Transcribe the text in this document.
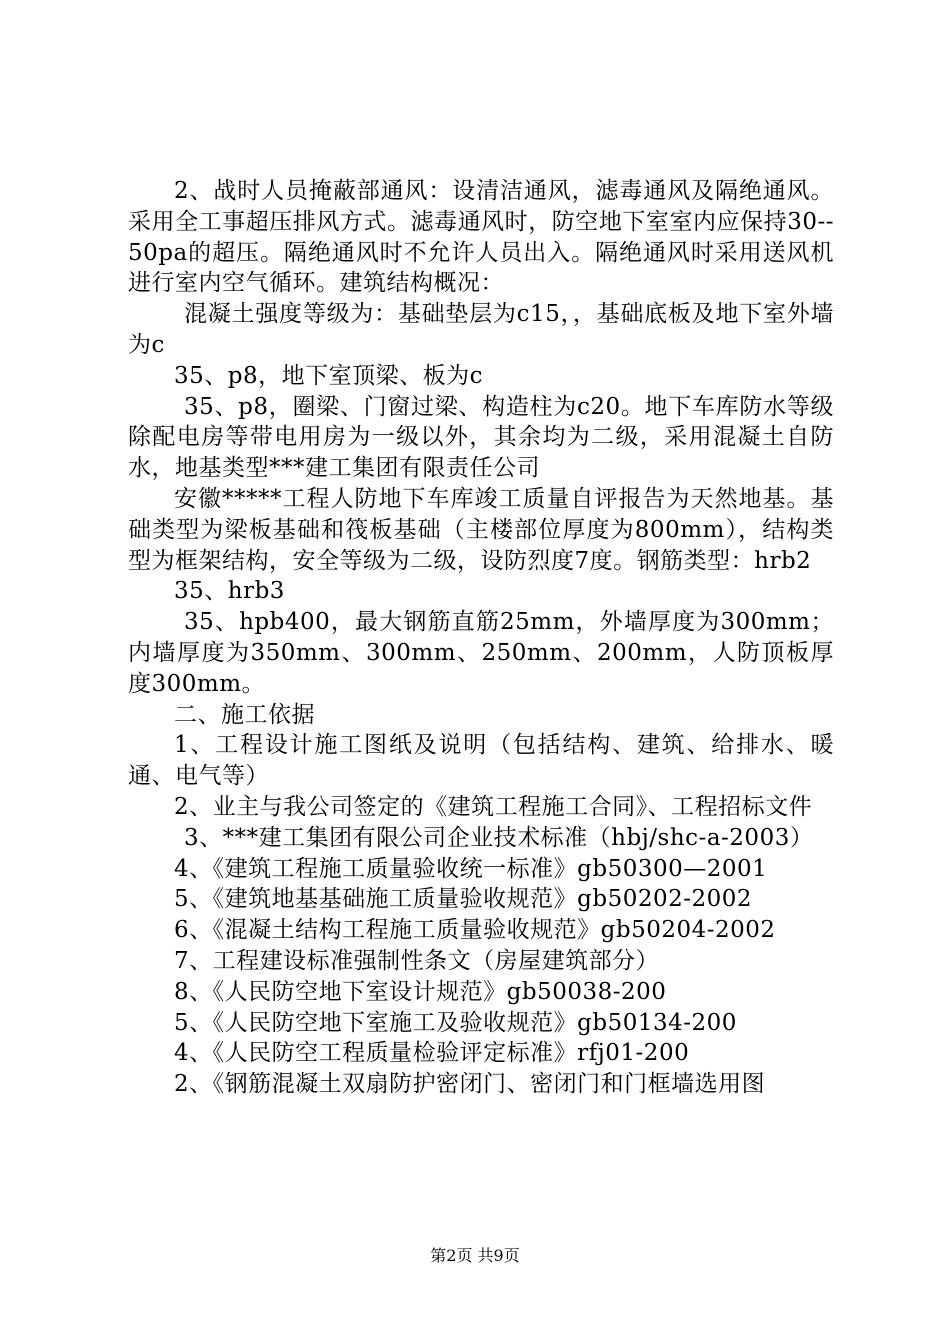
2、战时人员掩蔽部通风：设清洁通风，滤毒通风及隔绝通风。采用全工事超压排风方式。滤毒通风时，防空地下室室内应保持30--50pa的超压。隔绝通风时不允许人员出入。隔绝通风时采用送风机进行室内空气循环。建筑结构概况：

混凝土强度等级为：基础垫层为c15，，基础底板及地下室外墙为c

35、p8，地下室顶梁、板为c

35、p8，圈梁、门窗过梁、构造柱为c20。地下车库防水等级除配电房等带电用房为一级以外，其余均为二级，采用混凝土自防水，地基类型***建工集团有限责任公司

安徽*****工程人防地下车库竣工质量自评报告为天然地基。基础类型为梁板基础和筏板基础（主楼部位厚度为800mm），结构类型为框架结构，安全等级为二级，设防烈度7度。钢筋类型：hrb2

35、hrb3

35、hpb400，最大钢筋直筋25mm，外墙厚度为300mm；内墙厚度为350mm、300mm、250mm、200mm，人防顶板厚度300mm。

二、施工依据

1、工程设计施工图纸及说明（包括结构、建筑、给排水、暖通、电气等）

2、业主与我公司签定的《建筑工程施工合同》、工程招标文件

3、***建工集团有限公司企业技术标准（hbj/shc-a-2003）

4、《建筑工程施工质量验收统一标准》gb50300—2001

5、《建筑地基基础施工质量验收规范》gb50202-2002

6、《混凝土结构工程施工质量验收规范》gb50204-2002

7、工程建设标准强制性条文（房屋建筑部分）

8、《人民防空地下室设计规范》gb50038-200

5、《人民防空地下室施工及验收规范》gb50134-200

4、《人民防空工程质量检验评定标准》rfj01-200

2、《钢筋混凝土双扇防护密闭门、密闭门和门框墙选用图

第2页 共9页
